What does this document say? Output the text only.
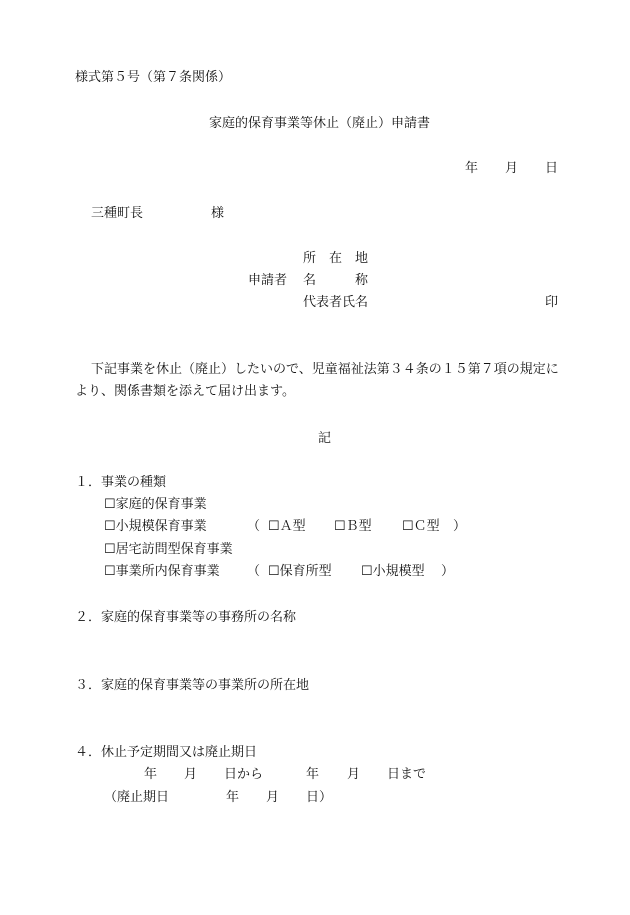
様式第５号（第７条関係）
家庭的保育事業等休止（廃止）申請書
年 月 日
三種町長	様
所　在　地
申請者 名　　　称
代表者氏名	印
下記事業を休止（廃止）したいので、児童福祉法第３４条の１５第７項の規定に
より、関係書類を添えて届け出ます。
記
１．事業の種類
☐家庭的保育事業
☐小規模保育事業	（ ☐Ａ型 ☐Ｂ型 ☐Ｃ型 ）
☐居宅訪問型保育事業
☐事業所内保育事業 （ ☐保育所型 ☐小規模型 ）
２．家庭的保育事業等の事務所の名称
３．家庭的保育事業等の事業所の所在地
４．休止予定期間又は廃止期日
年 月 日から	年 月 日まで
（廃止期日	年 月 日）
